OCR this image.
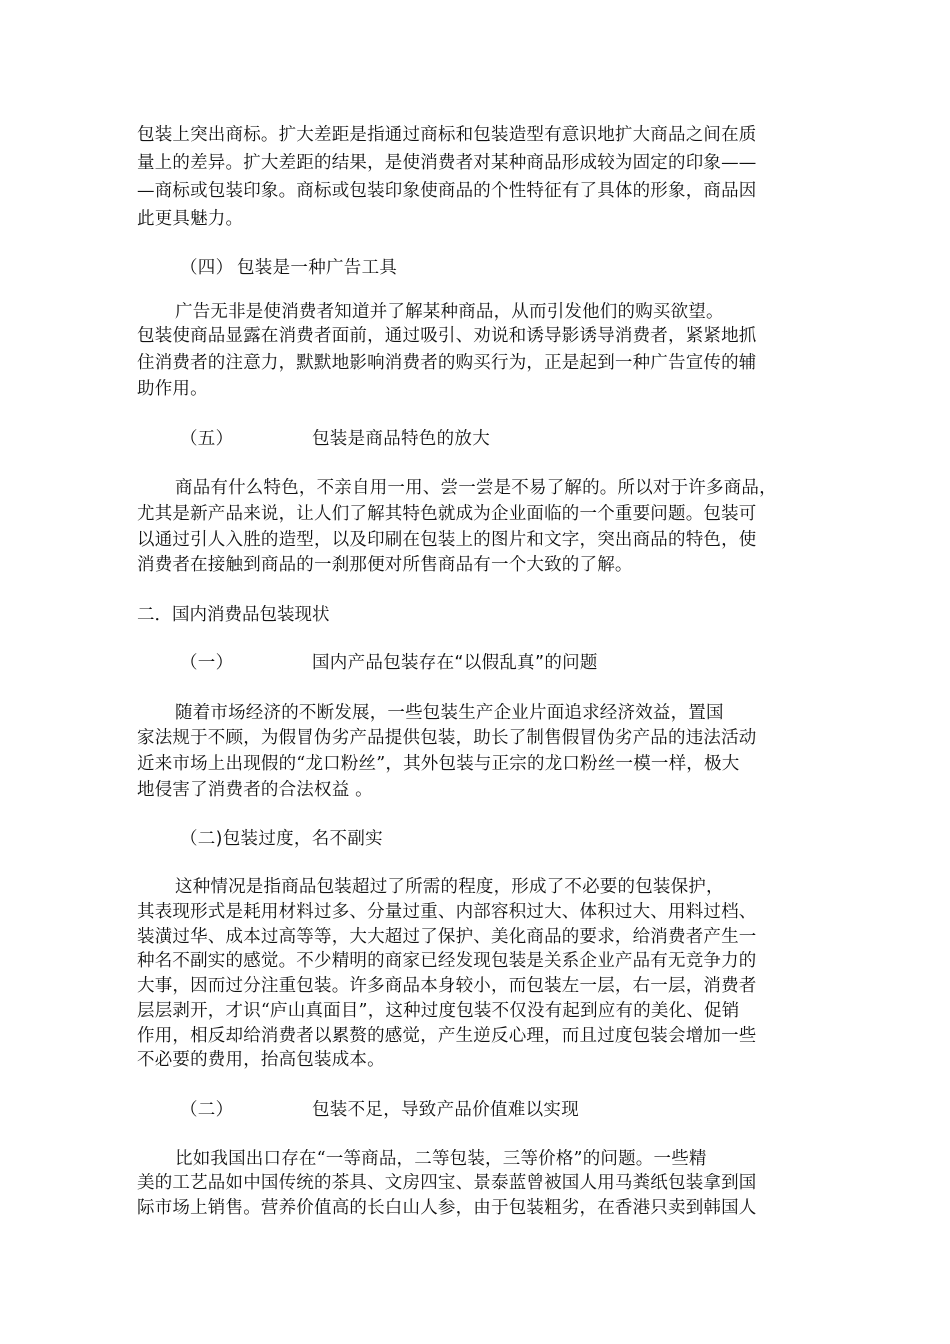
包装上突出商标。扩大差距是指通过商标和包装造型有意识地扩大商品之间在质
量上的差异。扩大差距的结果，是使消费者对某种商品形成较为固定的印象——
—商标或包装印象。商标或包装印象使商品的个性特征有了具体的形象，商品因
此更具魅力。
（四） 包装是一种广告工具
广告无非是使消费者知道并了解某种商品，从而引发他们的购买欲望。
包装使商品显露在消费者面前，通过吸引、劝说和诱导影诱导消费者，紧紧地抓
住消费者的注意力，默默地影响消费者的购买行为，正是起到一种广告宣传的辅
助作用。
（五）	包装是商品特色的放大
商品有什么特色，不亲自用一用、尝一尝是不易了解的。所以对于许多商品，
尤其是新产品来说，让人们了解其特色就成为企业面临的一个重要问题。包装可
以通过引人入胜的造型，以及印刷在包装上的图片和文字，突出商品的特色，使
消费者在接触到商品的一刹那便对所售商品有一个大致的了解。
二．国内消费品包装现状
（一）	国内产品包装存在“以假乱真”的问题
随着市场经济的不断发展，一些包装生产企业片面追求经济效益，置国
家法规于不顾，为假冒伪劣产品提供包装，助长了制售假冒伪劣产品的违法活动
近来市场上出现假的“龙口粉丝”，其外包装与正宗的龙口粉丝一模一样，极大
地侵害了消费者的合法权益 。
（二)包装过度，名不副实
这种情况是指商品包装超过了所需的程度，形成了不必要的包装保护，
其表现形式是耗用材料过多、分量过重、内部容积过大、体积过大、用料过档、
装潢过华、成本过高等等，大大超过了保护、美化商品的要求，给消费者产生一
种名不副实的感觉。不少精明的商家已经发现包装是关系企业产品有无竞争力的
大事，因而过分注重包装。许多商品本身较小，而包装左一层，右一层，消费者
层层剥开，才识“庐山真面目”，这种过度包装不仅没有起到应有的美化、促销
作用，相反却给消费者以累赘的感觉，产生逆反心理，而且过度包装会增加一些
不必要的费用，抬高包装成本。
（二）	包装不足，导致产品价值难以实现
比如我国出口存在“一等商品，二等包装，三等价格”的问题。一些精
美的工艺品如中国传统的茶具、文房四宝、景泰蓝曾被国人用马粪纸包装拿到国
际市场上销售。营养价值高的长白山人参，由于包装粗劣，在香港只卖到韩国人
